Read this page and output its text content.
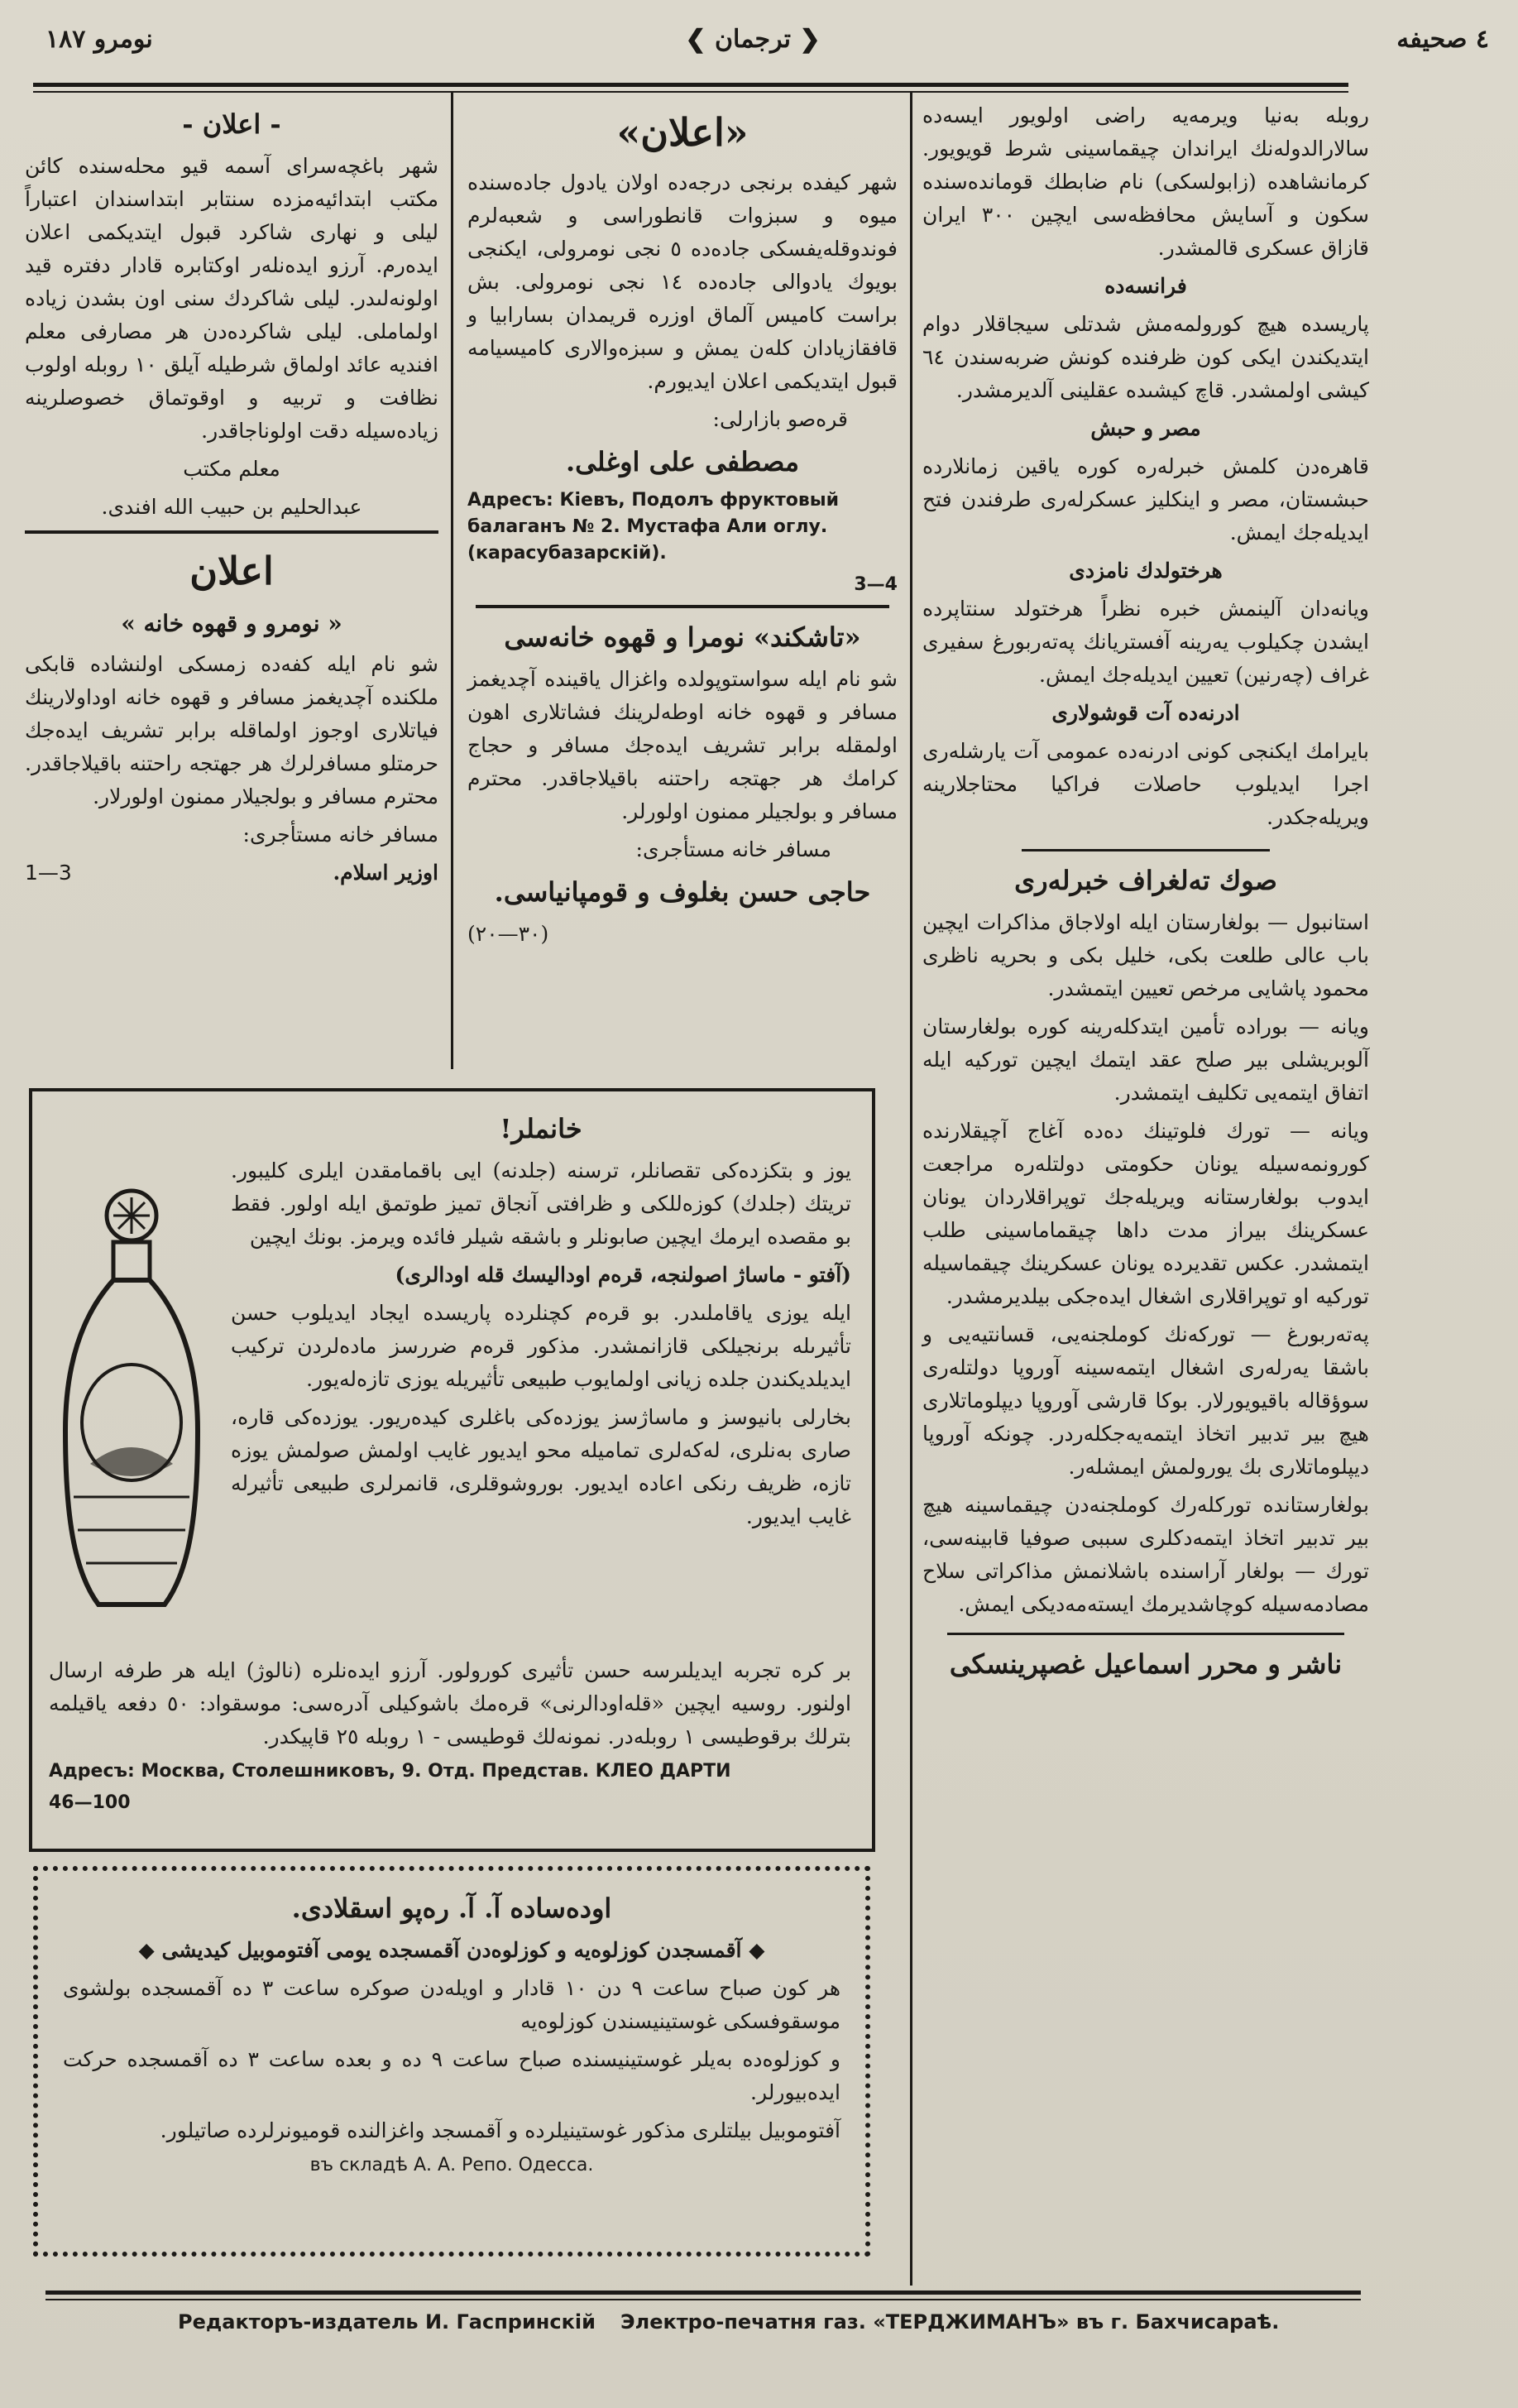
٤ صحيفه
❮ ترجمان ❯
نومرو ١٨٧

روبلە بەنيا ويرمەيە راضى اولويور ايسەدە سالارالدولەنك ايراندان چيقماسينى شرط قويويور. كرمانشاهدە (زابولسكى) نام ضابطك قوماندەسندە سكون و آسايش محافظەسى ايچين ٣٠٠ ايران قازاق عسكرى قالمشدر.

فرانسەدە

پاريسدە هيچ كورولمەمش شدتلى سيجاقلار دوام ايتديكندن ايكى كون ظرفندە كونش ضربەسندن ٦٤ كيشى اولمشدر. قاچ كيشىدە عقلينى آلديرمشدر.

مصر و حبش

قاهرەدن كلمش خبرلەرە كورە ياقين زمانلاردە حبشستان، مصر و اينكليز عسكرلەرى طرفندن فتح ايديلەجك ايمش.

هرختولدك نامزدى

ويانەدان آلينمش خبرە نظراً هرختولد سنتاپردە ايشدن چكيلوب يەرينە آفستريانك پەتەربورغ سفيرى غراف (چەرنين) تعيين ايديلەجك ايمش.

ادرنەدە آت قوشولارى

بايرامك ايكنجى كونى ادرنەدە عمومى آت يارشلەرى اجرا ايديلوب حاصلات فراكيا محتاجلارينە ويريلەجكدر.

صوك تەلغراف خبرلەرى

استانبول — بولغارستان ايلە اولاجاق مذاكرات ايچين باب عالى طلعت بكى، خليل بكى و بحريە ناظرى محمود پاشايى مرخص تعيين ايتمشدر.

ويانە — بورادە تأمين ايتدكلەرينە كورە بولغارستان آلوبريشلى بير صلح عقد ايتمك ايچين توركيە ايلە اتفاق ايتمەيى تكليف ايتمشدر.

ويانە — تورك فلوتينك دەدە آغاج آچيقلارندە كورونمەسيلە يونان حكومتى دولتلەرە مراجعت ايدوب بولغارستانە ويريلەجك توپراقلاردان يونان عسكرينك بيراز مدت داها چيقماماسينى طلب ايتمشدر. عكس تقديردە يونان عسكرينك چيقماسيلە توركيە او توپراقلارى اشغال ايدەجكى بيلديرمشدر.

پەتەربورغ — توركەنك كوملجنەيى، قسانتيەيى و باشقا يەرلەرى اشغال ايتمەسينە آوروپا دولتلەرى سوؤقالە باقيويورلار. بوكا قارشى آوروپا ديپلوماتلارى هيچ بير تدبير اتخاذ ايتمەيەجكلەردر. چونكە آوروپا ديپلوماتلارى بك يورولمش ايمشلەر.

بولغارستاندە توركلەرك كوملجنەدن چيقماسينە هيچ بير تدبير اتخاذ ايتمەدكلرى سببى صوفيا قابينەسى، تورك — بولغار آراسندە باشلانمش مذاكراتى سلاح مصادمەسيلە كوچاشديرمك ايستەمەديكى ايمش.

ناشر و محرر اسماعيل غصپرينسكى

«اعلان»

شهر كيفدە برنجى درجەدە اولان يادول جادەسندە ميوە و سبزوات قانطوراسى و شعبەلرم فوندوقلەيفسكى جادەدە ٥ نجى نومرولى، ايكنجى بويوك يادوالى جادەدە ١٤ نجى نومرولى. بش براست كاميس آلماق اوزرە قريمدان بسارابيا و قافقازيادان كلەن يمش و سبزەوالارى كاميسيامە قبول ايتديكمى اعلان ايديورم.

قرەصو بازارلى:

مصطفى على اوغلى.

Адресъ: Кіевъ, Подолъ фруктовый балаганъ № 2. Мустафа Али оглу. (карасубазарскій).

3—4

«تاشكند» نومرا و قهوە خانەسى

شو نام ايلە سواستوپولدە واغزال ياقيندە آچديغمز مسافر و قهوە خانە اوطەلرينك فشاتلارى اهون اولمقلە برابر تشريف ايدەجك مسافر و حجاج كرامك هر جهتجە راحتنە باقيلاجاقدر. محترم مسافر و بولجيلر ممنون اولورلر.

مسافر خانە مستأجرى:

حاجى حسن بغلوف و قومپانياسى.

(٣٠—٢٠)

- اعلان -

شهر باغچەسراى آسمە قيو محلەسندە كائن مكتب ابتدائيەمزدە سنتابر ابتداسندان اعتباراً ليلى و نهارى شاكرد قبول ايتديكمى اعلان ايدەرم. آرزو ايدەنلەر اوكتابرە قادار دفترە قيد اولونەلىدر. ليلى شاكردك سنى اون بشدن زيادە اولماملى. ليلى شاكردەدن هر مصارفى معلم افنديە عائد اولماق شرطيلە آيلق ١٠ روبلە اولوب نظافت و تربيە و اوقوتماق خصوصلرينە زيادەسيلە دقت اولوناجاقدر.

معلم مكتب

عبدالحليم بن حبيب الله افندى.

اعلان

« نومرو و قهوە خانە »

شو نام ايلە كفەدە زمسكى اولنشادە قابكى ملكندە آچديغمز مسافر و قهوە خانە اوداولارينك فياتلارى اوجوز اولماقلە برابر تشريف ايدەجك حرمتلو مسافرلرك هر جهتجە راحتنە باقيلاجاقدر. محترم مسافر و بولجيلار ممنون اولورلار.

مسافر خانە مستأجرى:

اوزير اسلام.
1—3

خانملر!

يوز و بتكزدەكى تقصانلر، ترسنە (جلدنە) ايى باقمامقدن ايلرى كليبور. تريتك (جلدك) كوزەللكى و ظرافتى آنجاق تميز طوتمق ايلە اولور. فقط بو مقصدە ايرمك ايچين صابونلر و باشقە شيلر فائدە ويرمز. بونك ايچين

(آفتو - ماساژ اصولنجە، قرەم اوداليسك قلە اودالرى)

ايلە يوزى ياقاملىدر. بو قرەم كچنلرده پاريسده ايجاد ايديلوب حسن تأثيرىلە برنجيلكى قازانمشدر. مذكور قرەم ضررسز مادەلردن تركيب ايديلديكندن جلدە زيانى اولمايوب طبيعى تأثيريلە يوزى تازەلەيور.

بخارلى بانيوسز و ماساژسز يوزدەكى باغلرى كيدەريور. يوزدەكى قارە، صارى بەنلرى، لەكەلرى تماميلە محو ايديور غايب اولمش صولمش يوزە تازە، ظريف رنكى اعادە ايديور. بوروشوقلرى، قانمرلرى طبيعى تأثيرلە غايب ايديور.

بر كرە تجربە ايديلىرسە حسن تأثيرى كورولور. آرزو ايدەنلرە (نالوژ) ايلە هر طرفە ارسال اولنور. روسيە ايچين «قلەاودالرنى» قرەمك باشوكيلى آدرەسى: موسقواد: ٥٠ دفعە ياقيلمە بترلك برقوطيسى ١ روبلەدر. نمونەلك قوطيسى - ١ روبلە ٢٥ قاپيكدر.

Адресъ: Москва, Столешниковъ, 9. Отд. Представ. КЛЕО ДАРТИ

46—100

اودەسادە آ. آ. رەپو اسقلادى.

◆ آقمسجدن كوزلوەيە و كوزلوەدن آقمسجدە يومى آفتوموبيل كيديشى ◆

هر كون صباح ساعت ٩ دن ١٠ قادار و اويلەدن صوكرە ساعت ٣ دە آقمسجدە بولشوى موسقوفسكى غوستينيسندن كوزلوەيە

و كوزلوەدە بەيلر غوستينيسندە صباح ساعت ٩ دە و بعدە ساعت ٣ دە آقمسجدە حركت ايدەبيورلر.

آفتوموبيل بيلتلرى مذكور غوستينيلردە و آقمسجد واغزالندە قوميونرلردە صاتيلور.

въ складѣ А. А. Репо. Одесса.

Редакторъ-издатель И. Гаспринскій Электро-печатня газ. «ТЕРДЖИМАНЪ» въ г. Бахчисараѣ.
